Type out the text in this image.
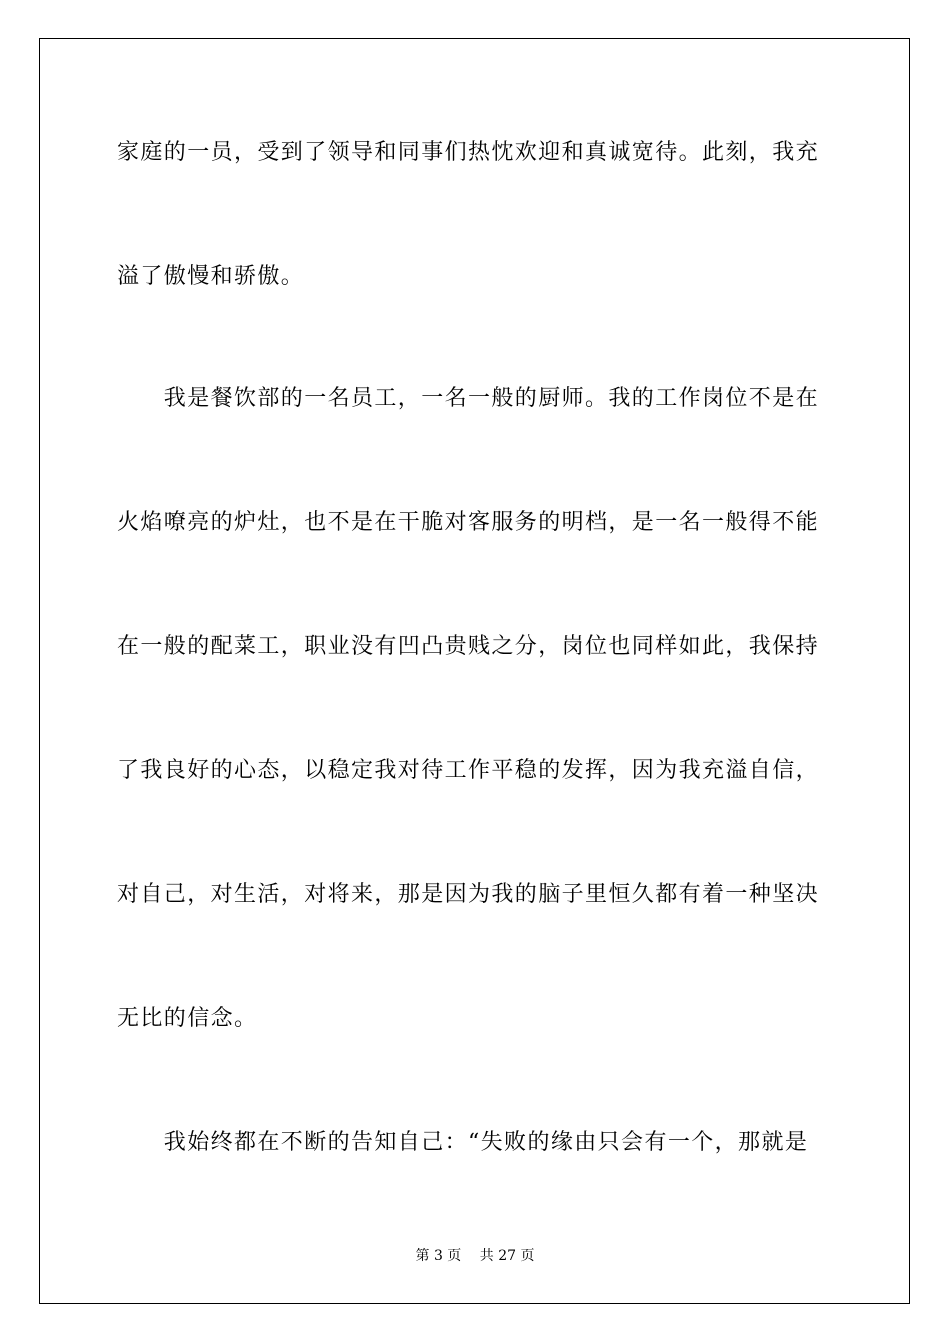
家庭的一员，受到了领导和同事们热忱欢迎和真诚宽待。此刻，我充
溢了傲慢和骄傲。
　　我是餐饮部的一名员工，一名一般的厨师。我的工作岗位不是在
火焰嘹亮的炉灶，也不是在干脆对客服务的明档，是一名一般得不能
在一般的配菜工，职业没有凹凸贵贱之分，岗位也同样如此，我保持
了我良好的心态，以稳定我对待工作平稳的发挥，因为我充溢自信，
对自己，对生活，对将来，那是因为我的脑子里恒久都有着一种坚决
无比的信念。
　　我始终都在不断的告知自己：“失败的缘由只会有一个，那就是
第 3 页　 共 27 页
